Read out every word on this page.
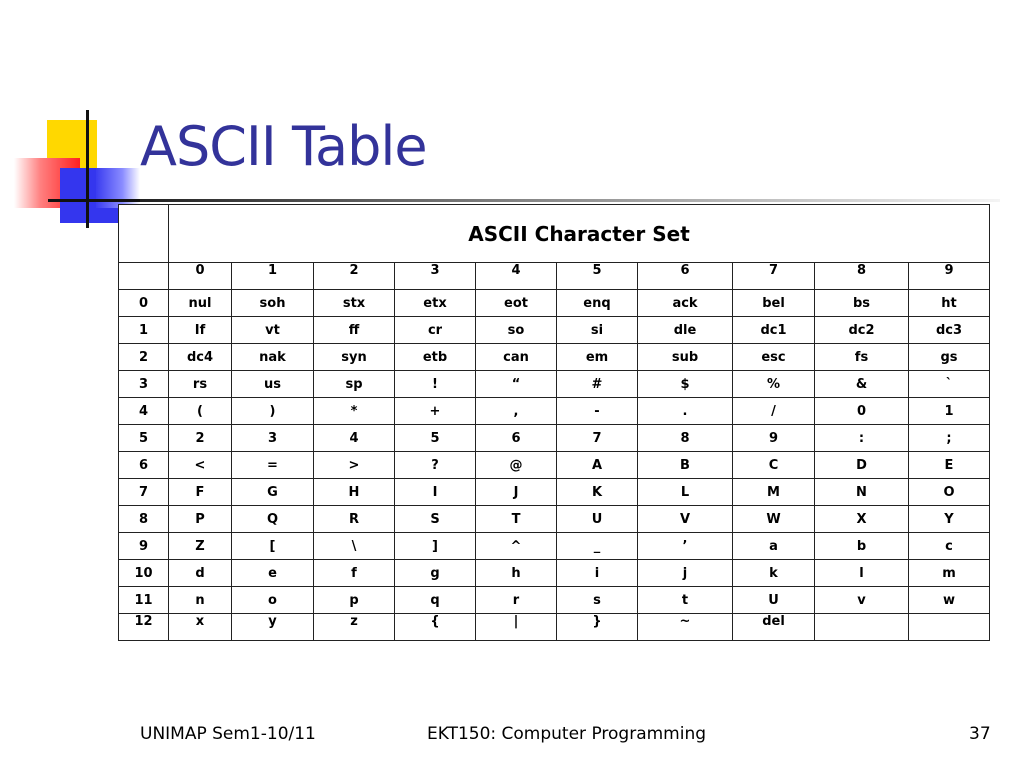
ASCII Table
	ASCII Character Set									
	0	1	2	3	4	5	6	7	8	9
0	nul	soh	stx	etx	eot	enq	ack	bel	bs	ht
1	If	vt	ff	cr	so	si	dle	dc1	dc2	dc3
2	dc4	nak	syn	etb	can	em	sub	esc	fs	gs
3	rs	us	sp	!	“	#	$	%	&	`
4	(	)	*	+	,	-	.	/	0	1
5	2	3	4	5	6	7	8	9	:	;
6	<	=	>	?	@	A	B	C	D	E
7	F	G	H	I	J	K	L	M	N	O
8	P	Q	R	S	T	U	V	W	X	Y
9	Z	[	\	]	^	_	’	a	b	c
10	d	e	f	g	h	i	j	k	l	m
11	n	o	p	q	r	s	t	U	v	w
12	x	y	z	{	|	}	~	del		
UNIMAP Sem1-10/11	EKT150: Computer Programming	37
